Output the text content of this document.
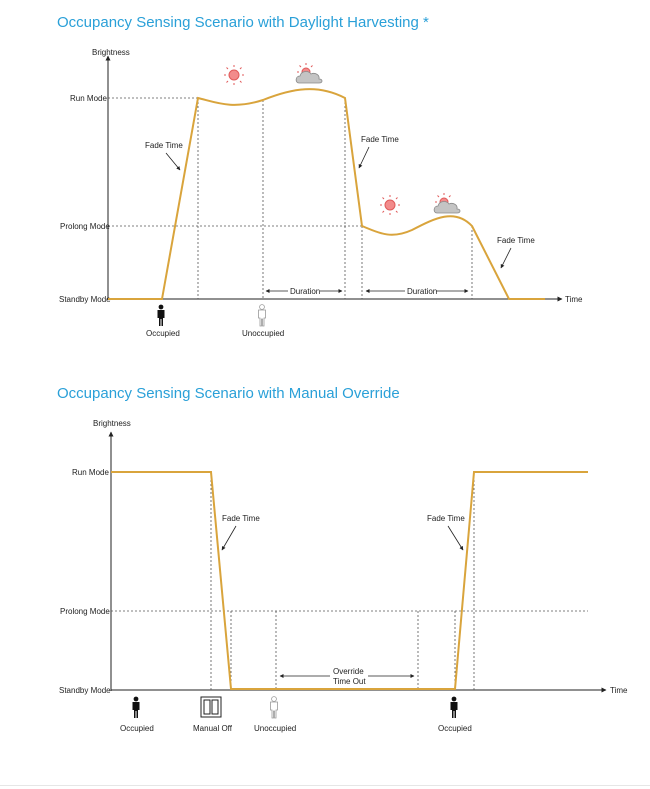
Occupancy Sensing Scenario with Daylight Harvesting *
Brightness
Time
Run Mode
Prolong Mode
Standby Mode
Fade Time
Fade Time
Fade Time
Duration	Duration
Occupied	Unoccupied
Brightness
Time
Run Mode
Prolong Mode
Standby Mode
Fade Time	Fade Time
Override
Time Out
Occupied	Manual Off	Unoccupied	Occupied
Occupancy Sensing Scenario with Manual Override
